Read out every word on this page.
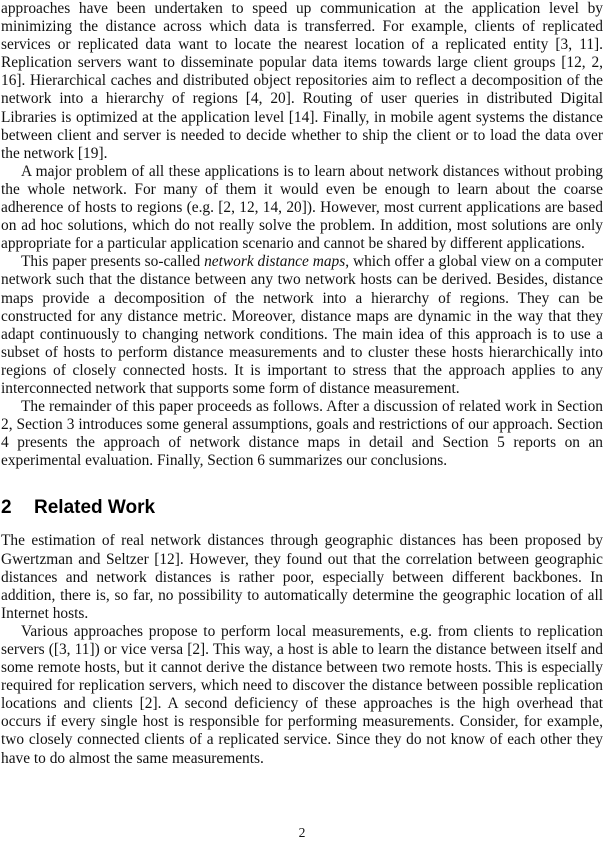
approaches have been undertaken to speed up communication at the application level by minimizing the distance across which data is transferred. For example, clients of replicated services or replicated data want to locate the nearest location of a replicated entity [3, 11]. Replication servers want to disseminate popular data items towards large client groups [12, 2, 16]. Hierarchical caches and distributed object repositories aim to reflect a decomposition of the network into a hierarchy of regions [4, 20]. Routing of user queries in distributed Digital Libraries is optimized at the application level [14]. Finally, in mobile agent systems the distance between client and server is needed to decide whether to ship the client or to load the data over the network [19].

A major problem of all these applications is to learn about network distances without probing the whole network. For many of them it would even be enough to learn about the coarse adherence of hosts to regions (e.g. [2, 12, 14, 20]). However, most current applications are based on ad hoc solutions, which do not really solve the problem. In addition, most solutions are only appropriate for a particular application scenario and cannot be shared by different applications.

This paper presents so-called network distance maps, which offer a global view on a computer network such that the distance between any two network hosts can be derived. Besides, distance maps provide a decomposition of the network into a hierarchy of regions. They can be constructed for any distance metric. Moreover, distance maps are dynamic in the way that they adapt continuously to changing network conditions. The main idea of this approach is to use a subset of hosts to perform distance measurements and to cluster these hosts hierarchically into regions of closely connected hosts. It is important to stress that the approach applies to any interconnected network that supports some form of distance measurement.

The remainder of this paper proceeds as follows. After a discussion of related work in Section 2, Section 3 introduces some general assumptions, goals and restrictions of our approach. Section 4 presents the approach of network distance maps in detail and Section 5 reports on an experimental evaluation. Finally, Section 6 summarizes our conclusions.

2 Related Work

The estimation of real network distances through geographic distances has been proposed by Gwertzman and Seltzer [12]. However, they found out that the correlation between geographic distances and network distances is rather poor, especially between different backbones. In addition, there is, so far, no possibility to automatically determine the geographic location of all Internet hosts.

Various approaches propose to perform local measurements, e.g. from clients to replication servers ([3, 11]) or vice versa [2]. This way, a host is able to learn the distance between itself and some remote hosts, but it cannot derive the distance between two remote hosts. This is especially required for replication servers, which need to discover the distance between possible replication locations and clients [2]. A second deficiency of these approaches is the high overhead that occurs if every single host is responsible for performing measurements. Consider, for example, two closely connected clients of a replicated service. Since they do not know of each other they have to do almost the same measurements.

2
